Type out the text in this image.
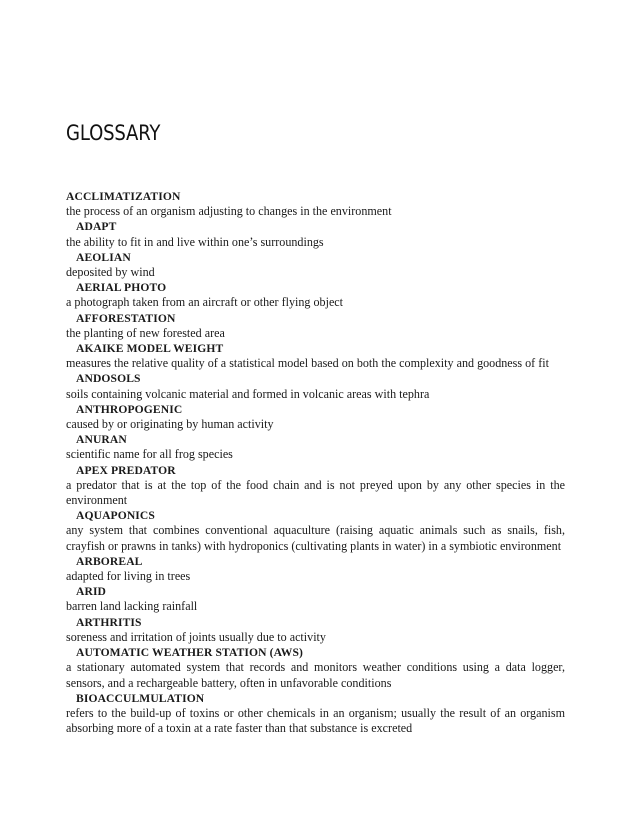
GLOSSARY
ACCLIMATIZATION
the process of an organism adjusting to changes in the environment
ADAPT
the ability to fit in and live within one’s surroundings
AEOLIAN
deposited by wind
AERIAL PHOTO
a photograph taken from an aircraft or other flying object
AFFORESTATION
the planting of new forested area
AKAIKE MODEL WEIGHT
measures the relative quality of a statistical model based on both the complexity and goodness of fit
ANDOSOLS
soils containing volcanic material and formed in volcanic areas with tephra
ANTHROPOGENIC
caused by or originating by human activity
ANURAN
scientific name for all frog species
APEX PREDATOR
a predator that is at the top of the food chain and is not preyed upon by any other species in the environment
AQUAPONICS
any system that combines conventional aquaculture (raising aquatic animals such as snails, fish, crayfish or prawns in tanks) with hydroponics (cultivating plants in water) in a symbiotic environment
ARBOREAL
adapted for living in trees
ARID
barren land lacking rainfall
ARTHRITIS
soreness and irritation of joints usually due to activity
AUTOMATIC WEATHER STATION (AWS)
a stationary automated system that records and monitors weather conditions using a data logger, sensors, and a rechargeable battery, often in unfavorable conditions
BIOACCULMULATION
refers to the build-up of toxins or other chemicals in an organism; usually the result of an organism absorbing more of a toxin at a rate faster than that substance is excreted
